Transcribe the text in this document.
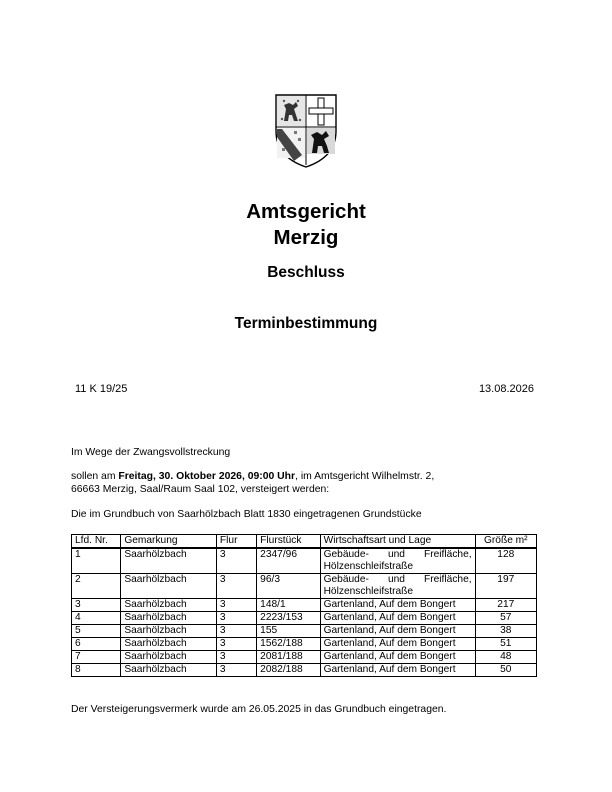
Amtsgericht
Merzig
Beschluss
Terminbestimmung
11 K 19/25	13.08.2026
Im Wege der Zwangsvollstreckung
sollen am Freitag, 30. Oktober 2026, 09:00 Uhr, im Amtsgericht Wilhelmstr. 2,
66663 Merzig, Saal/Raum Saal 102, versteigert werden:
Die im Grundbuch von Saarhölzbach Blatt 1830 eingetragenen Grundstücke
Lfd. Nr.	Gemarkung	Flur	Flurstück	Wirtschaftsart und Lage	Größe m²
1	Saarhölzbach	3	2347/96	Gebäude- und Freifläche, Hölzenschleifstraße	128
2	Saarhölzbach	3	96/3	Gebäude- und Freifläche, Hölzenschleifstraße	197
3	Saarhölzbach	3	148/1	Gartenland, Auf dem Bongert	217
4	Saarhölzbach	3	2223/153	Gartenland, Auf dem Bongert	57
5	Saarhölzbach	3	155	Gartenland, Auf dem Bongert	38
6	Saarhölzbach	3	1562/188	Gartenland, Auf dem Bongert	51
7	Saarhölzbach	3	2081/188	Gartenland, Auf dem Bongert	48
8	Saarhölzbach	3	2082/188	Gartenland, Auf dem Bongert	50
Der Versteigerungsvermerk wurde am 26.05.2025 in das Grundbuch eingetragen.
